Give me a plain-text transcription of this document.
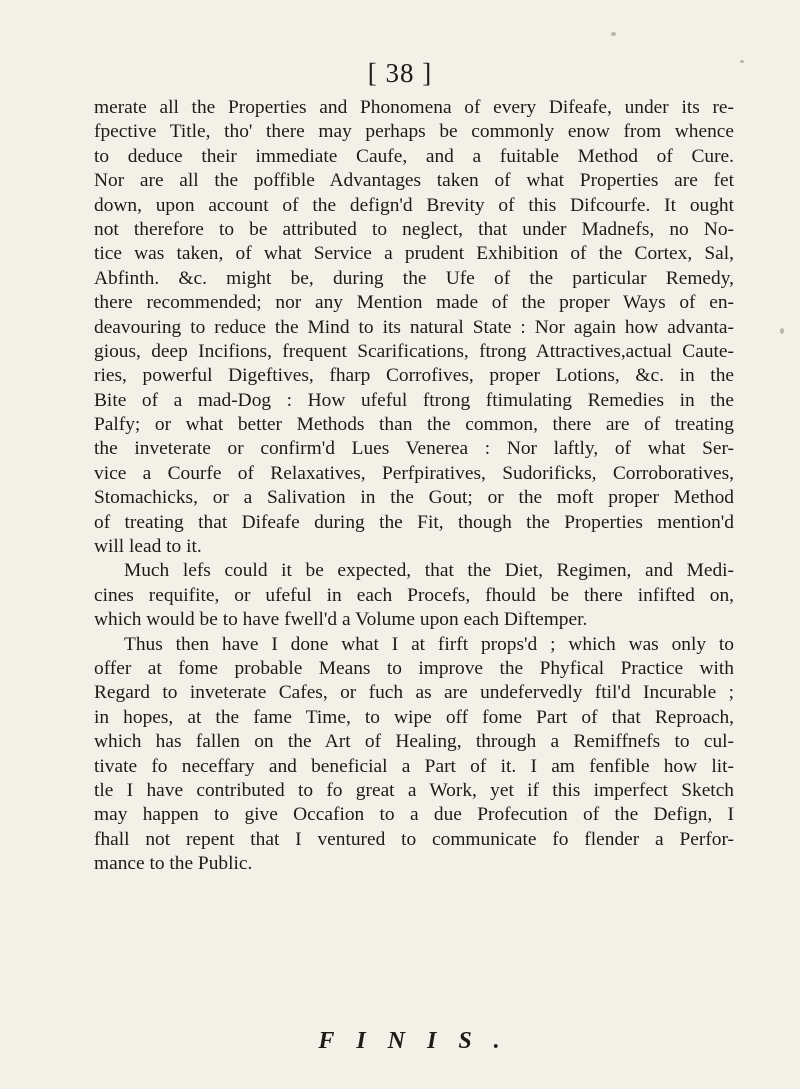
[ 38 ]
merate all the Properties and Phonomena of every Difeafe, under its re-
fpective Title, tho' there may perhaps be commonly enow from whence
to deduce their immediate Caufe, and a fuitable Method of Cure.
Nor are all the poffible Advantages taken of what Properties are fet
down, upon account of the defign'd Brevity of this Difcourfe. It ought
not therefore to be attributed to neglect, that under Madnefs, no No-
tice was taken, of what Service a prudent Exhibition of the Cortex, Sal,
Abfinth. &c. might be, during the Ufe of the particular Remedy,
there recommended; nor any Mention made of the proper Ways of en-
deavouring to reduce the Mind to its natural State : Nor again how advanta-
gious, deep Incifions, frequent Scarifications, ftrong Attractives,actual Caute-
ries, powerful Digeftives, fharp Corrofives, proper Lotions, &c. in the
Bite of a mad-Dog : How ufeful ftrong ftimulating Remedies in the
Palfy; or what better Methods than the common, there are of treating
the inveterate or confirm'd Lues Venerea : Nor laftly, of what Ser-
vice a Courfe of Relaxatives, Perfpiratives, Sudorificks, Corroboratives,
Stomachicks, or a Salivation in the Gout; or the moft proper Method
of treating that Difeafe during the Fit, though the Properties mention'd
will lead to it.
Much lefs could it be expected, that the Diet, Regimen, and Medi-
cines requifite, or ufeful in each Procefs, fhould be there infifted on,
which would be to have fwell'd a Volume upon each Diftemper.
Thus then have I done what I at firft props'd ; which was only to
offer at fome probable Means to improve the Phyfical Practice with
Regard to inveterate Cafes, or fuch as are undefervedly ftil'd Incurable ;
in hopes, at the fame Time, to wipe off fome Part of that Reproach,
which has fallen on the Art of Healing, through a Remiffnefs to cul-
tivate fo neceffary and beneficial a Part of it. I am fenfible how lit-
tle I have contributed to fo great a Work, yet if this imperfect Sketch
may happen to give Occafion to a due Profecution of the Defign, I
fhall not repent that I ventured to communicate fo flender a Perfor-
mance to the Public.
FINIS.
